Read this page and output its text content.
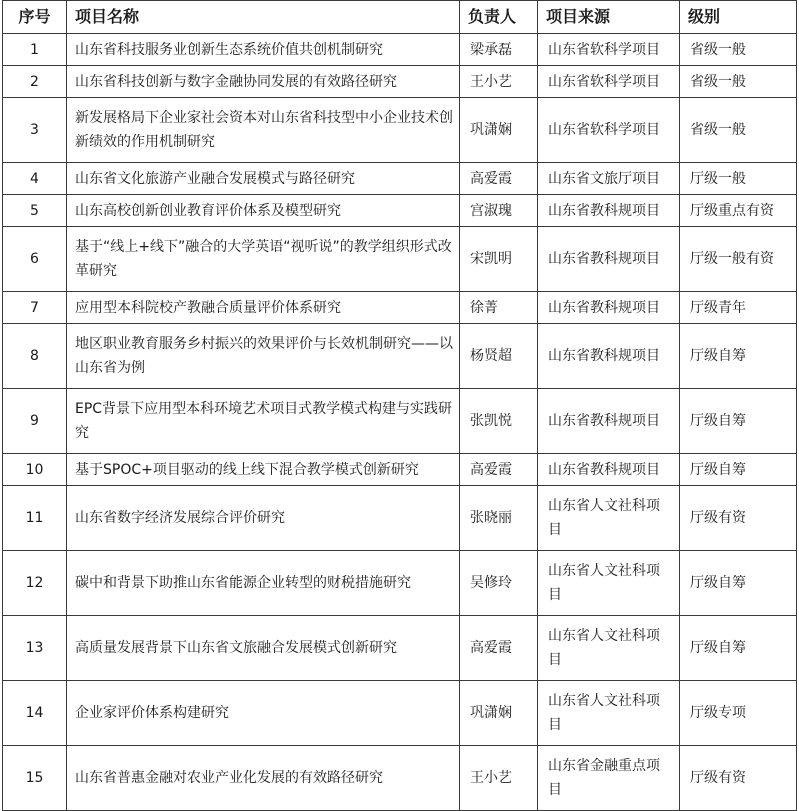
序号	项目名称	负责人	项目来源	级别
1	山东省科技服务业创新生态系统价值共创机制研究	梁承磊	山东省软科学项目	省级一般
2	山东省科技创新与数字金融协同发展的有效路径研究	王小艺	山东省软科学项目	省级一般
3	新发展格局下企业家社会资本对山东省科技型中小企业技术创新绩效的作用机制研究	巩潇娴	山东省软科学项目	省级一般
4	山东省文化旅游产业融合发展模式与路径研究	高爱霞	山东省文旅厅项目	厅级一般
5	山东高校创新创业教育评价体系及模型研究	宫淑瑰	山东省教科规项目	厅级重点有资
6	基于“线上+线下”融合的大学英语“视听说”的教学组织形式改革研究	宋凯明	山东省教科规项目	厅级一般有资
7	应用型本科院校产教融合质量评价体系研究	徐菁	山东省教科规项目	厅级青年
8	地区职业教育服务乡村振兴的效果评价与长效机制研究——以山东省为例	杨贤超	山东省教科规项目	厅级自筹
9	EPC背景下应用型本科环境艺术项目式教学模式构建与实践研究	张凯悦	山东省教科规项目	厅级自筹
10	基于SPOC+项目驱动的线上线下混合教学模式创新研究	高爱霞	山东省教科规项目	厅级自筹
11	山东省数字经济发展综合评价研究	张晓丽	山东省人文社科项目	厅级有资
12	碳中和背景下助推山东省能源企业转型的财税措施研究	吴修玲	山东省人文社科项目	厅级自筹
13	高质量发展背景下山东省文旅融合发展模式创新研究	高爱霞	山东省人文社科项目	厅级自筹
14	企业家评价体系构建研究	巩潇娴	山东省人文社科项目	厅级专项
15	山东省普惠金融对农业产业化发展的有效路径研究	王小艺	山东省金融重点项目	厅级有资
